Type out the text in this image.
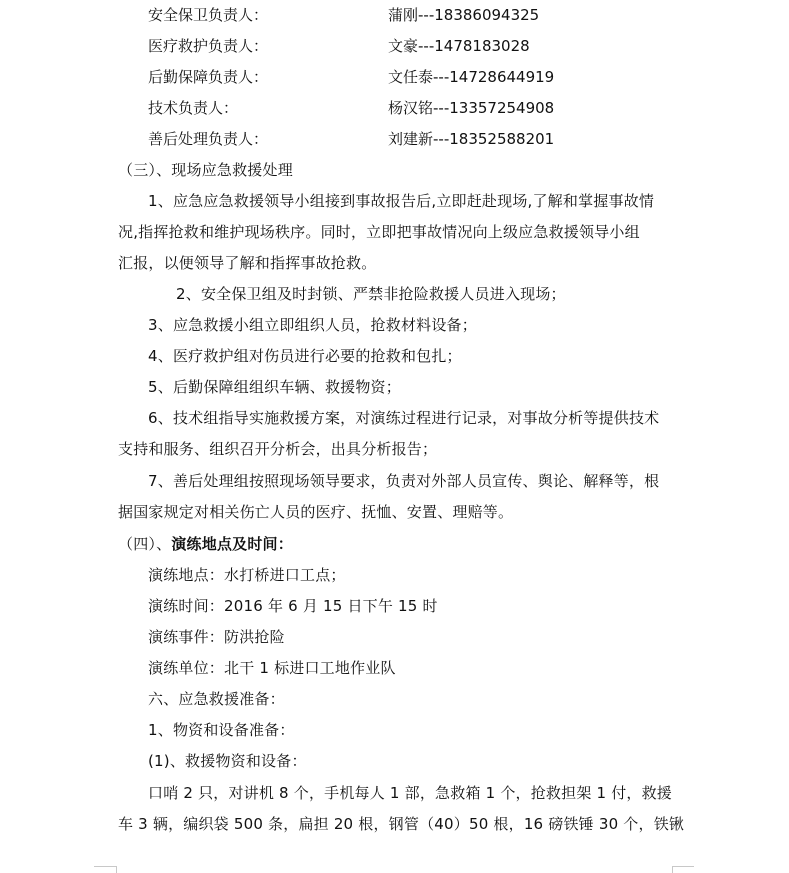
安全保卫负责人：	蒲刚---18386094325
医疗救护负责人：	文豪---1478183028
后勤保障负责人：	文任泰---14728644919
技术负责人：	杨汉铭---13357254908
善后处理负责人：	刘建新---18352588201
（三）、现场应急救援处理
1、应急应急救援领导小组接到事故报告后,立即赶赴现场,了解和掌握事故情
况,指挥抢救和维护现场秩序。同时，立即把事故情况向上级应急救援领导小组
汇报，以便领导了解和指挥事故抢救。
2、安全保卫组及时封锁、严禁非抢险救援人员进入现场；
3、应急救援小组立即组织人员，抢救材料设备；
4、医疗救护组对伤员进行必要的抢救和包扎；
5、后勤保障组组织车辆、救援物资；
6、技术组指导实施救援方案，对演练过程进行记录，对事故分析等提供技术
支持和服务、组织召开分析会，出具分析报告；
7、善后处理组按照现场领导要求，负责对外部人员宣传、舆论、解释等，根
据国家规定对相关伤亡人员的医疗、抚恤、安置、理赔等。
（四）、演练地点及时间：
演练地点：水打桥进口工点；
演练时间：2016 年 6 月 15 日下午 15 时
演练事件：防洪抢险
演练单位：北干 1 标进口工地作业队
六、应急救援准备：
1、物资和设备准备：
(1)、救援物资和设备：
口哨 2 只，对讲机 8 个，手机每人 1 部，急救箱 1 个，抢救担架 1 付，救援
车 3 辆，编织袋 500 条，扁担 20 根，钢管（40）50 根，16 磅铁锤 30 个，铁锹
